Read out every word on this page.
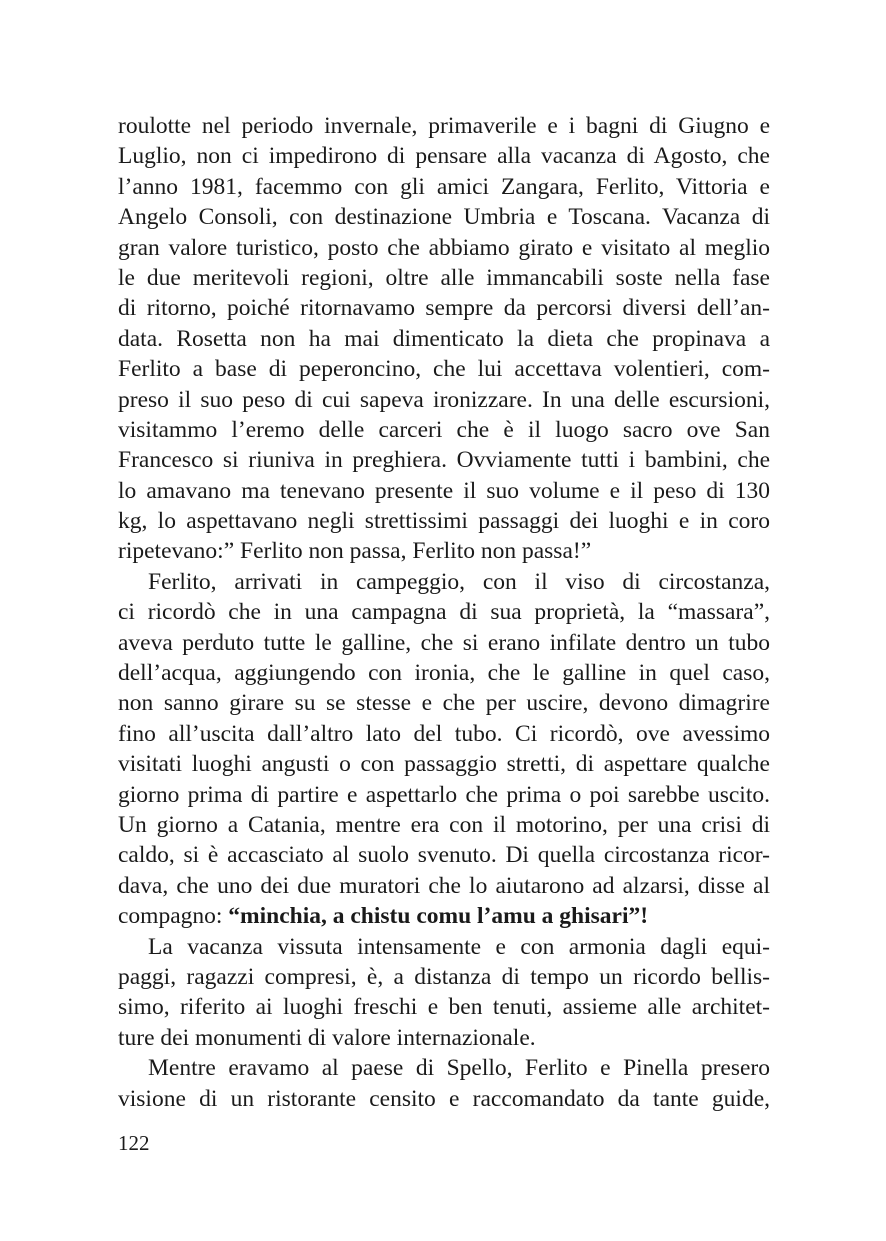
roulotte nel periodo invernale, primaverile e i bagni di Giugno e
Luglio, non ci impedirono di pensare alla vacanza di Agosto, che
l’anno 1981, facemmo con gli amici Zangara, Ferlito, Vittoria e
Angelo Consoli, con destinazione Umbria e Toscana. Vacanza di
gran valore turistico, posto che abbiamo girato e visitato al meglio
le due meritevoli regioni, oltre alle immancabili soste nella fase
di ritorno, poiché ritornavamo sempre da percorsi diversi dell’an-
data. Rosetta non ha mai dimenticato la dieta che propinava a
Ferlito a base di peperoncino, che lui accettava volentieri, com-
preso il suo peso di cui sapeva ironizzare. In una delle escursioni,
visitammo l’eremo delle carceri che è il luogo sacro ove San
Francesco si riuniva in preghiera. Ovviamente tutti i bambini, che
lo amavano ma tenevano presente il suo volume e il peso di 130
kg, lo aspettavano negli strettissimi passaggi dei luoghi e in coro
ripetevano:” Ferlito non passa, Ferlito non passa!”
Ferlito, arrivati in campeggio, con il viso di circostanza,
ci ricordò che in una campagna di sua proprietà, la “massara”,
aveva perduto tutte le galline, che si erano infilate dentro un tubo
dell’acqua, aggiungendo con ironia, che le galline in quel caso,
non sanno girare su se stesse e che per uscire, devono dimagrire
fino all’uscita dall’altro lato del tubo. Ci ricordò, ove avessimo
visitati luoghi angusti o con passaggio stretti, di aspettare qualche
giorno prima di partire e aspettarlo che prima o poi sarebbe uscito.
Un giorno a Catania, mentre era con il motorino, per una crisi di
caldo, si è accasciato al suolo svenuto. Di quella circostanza ricor-
dava, che uno dei due muratori che lo aiutarono ad alzarsi, disse al
compagno: “minchia, a chistu comu l’amu a ghisari”!
La vacanza vissuta intensamente e con armonia dagli equi-
paggi, ragazzi compresi, è, a distanza di tempo un ricordo bellis-
simo, riferito ai luoghi freschi e ben tenuti, assieme alle architet-
ture dei monumenti di valore internazionale.
Mentre eravamo al paese di Spello, Ferlito e Pinella presero
visione di un ristorante censito e raccomandato da tante guide,
122
